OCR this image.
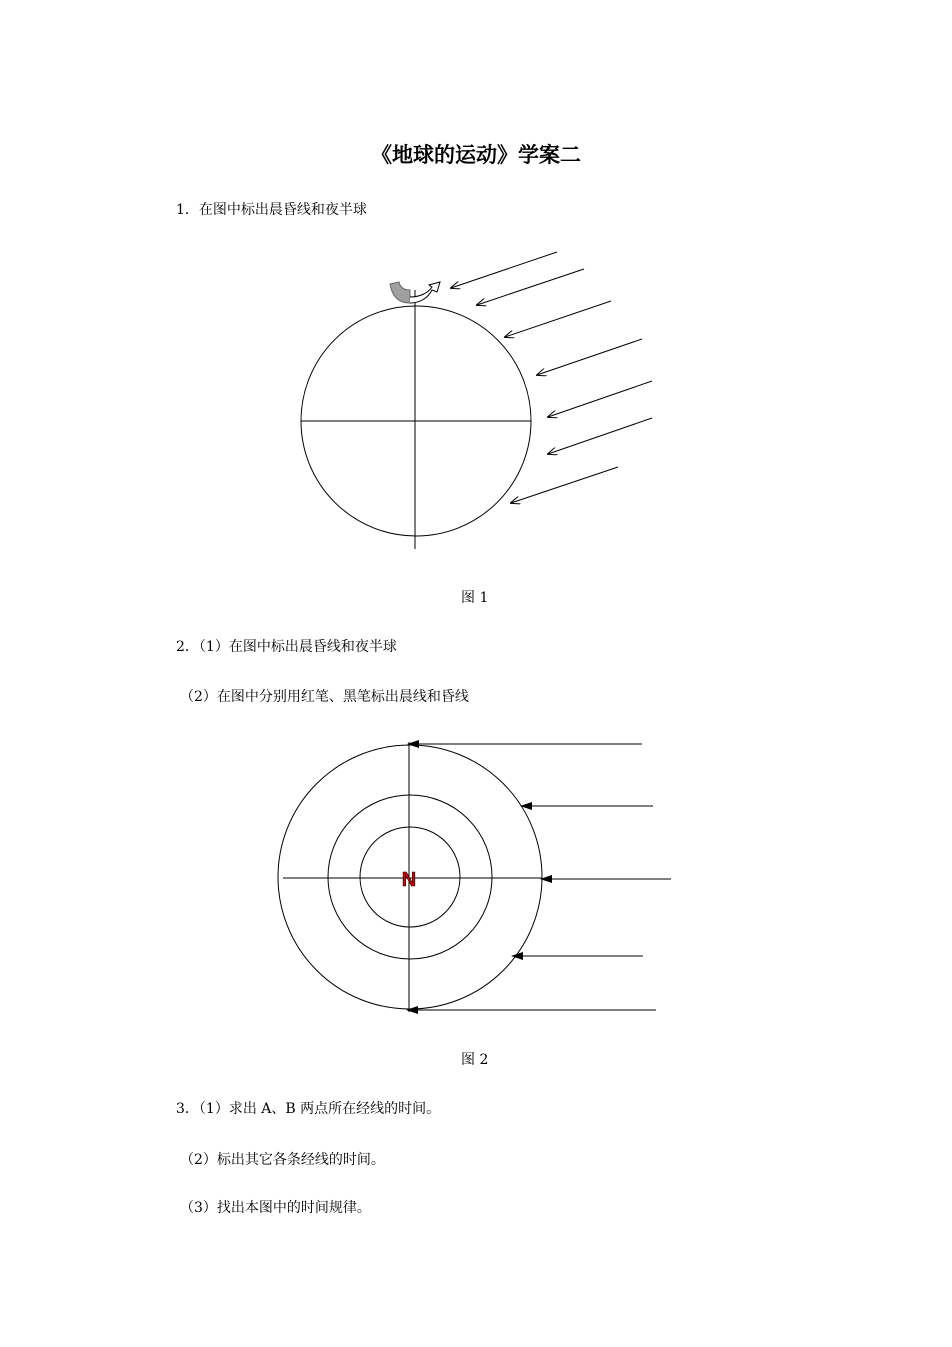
《地球的运动》学案二
1．在图中标出晨昏线和夜半球
图 1
2．（1）在图中标出晨昏线和夜半球
（2）在图中分别用红笔、黑笔标出晨线和昏线
N
图 2
3．（1）求出 A、B 两点所在经线的时间。
（2）标出其它各条经线的时间。
（3）找出本图中的时间规律。
